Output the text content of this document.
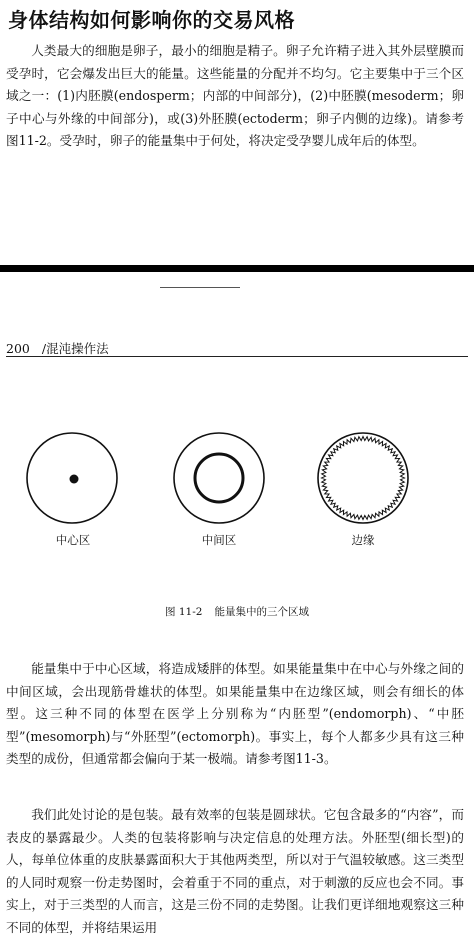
身体结构如何影响你的交易风格
人类最大的细胞是卵子，最小的细胞是精子。卵子允许精子进入其外层壁膜而受孕时，它会爆发出巨大的能量。这些能量的分配并不均匀。它主要集中于三个区域之一：(1)内胚膜(endosperm；内部的中间部分)，(2)中胚膜(mesoderm；卵子中心与外缘的中间部分)，或(3)外胚膜(ectoderm；卵子内侧的边缘)。请参考图11-2。受孕时，卵子的能量集中于何处，将决定受孕婴儿成年后的体型。
200 /混沌操作法
中心区	中间区	边缘
图 11-2 能量集中的三个区域
能量集中于中心区域，将造成矮胖的体型。如果能量集中在中心与外缘之间的中间区域，会出现筋骨雄状的体型。如果能量集中在边缘区域，则会有细长的体型。这三种不同的体型在医学上分别称为“内胚型”(endomorph)、“中胚型”(mesomorph)与“外胚型”(ectomorph)。事实上，每个人都多少具有这三种类型的成份，但通常都会偏向于某一极端。请参考图11-3。
我们此处讨论的是包装。最有效率的包装是圆球状。它包含最多的“内容”，而表皮的暴露最少。人类的包装将影响与决定信息的处理方法。外胚型(细长型)的人，每单位体重的皮肤暴露面积大于其他两类型，所以对于气温较敏感。这三类型的人同时观察一份走势图时，会着重于不同的重点，对于刺激的反应也会不同。事实上，对于三类型的人而言，这是三份不同的走势图。让我们更详细地观察这三种不同的体型，并将结果运用
